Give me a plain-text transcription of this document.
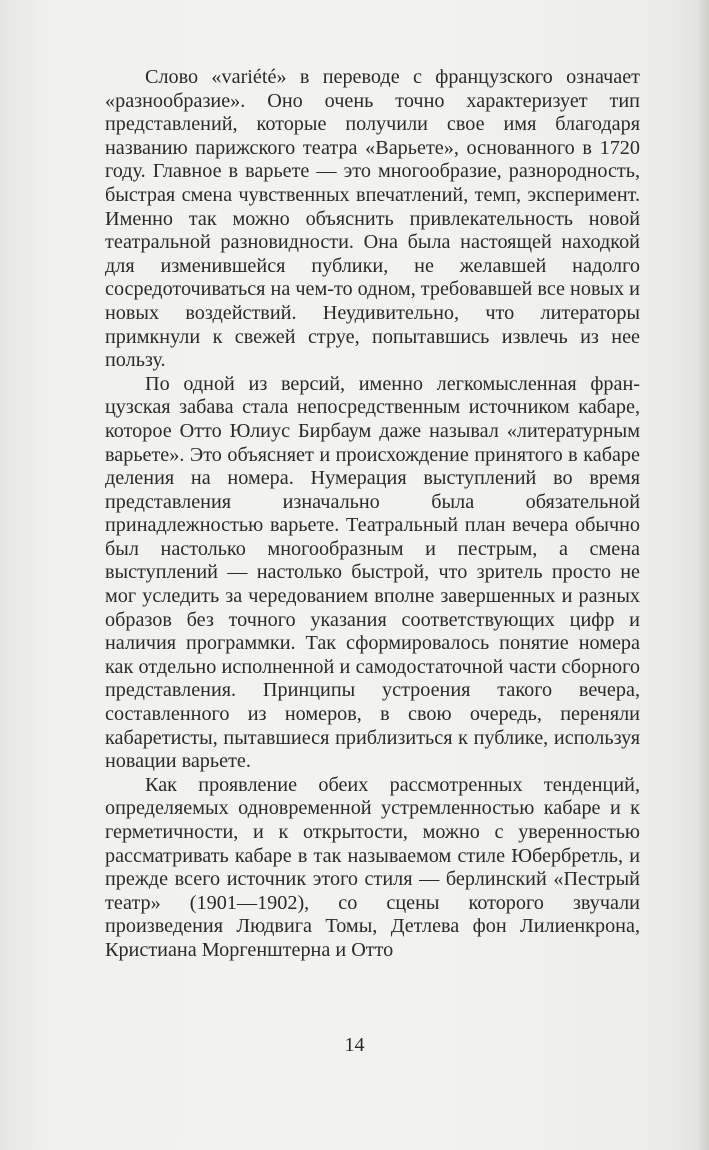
Слово «variété» в переводе с французского означает «разнообразие». Оно очень точно характеризует тип представлений, которые получили свое имя благодаря названию парижского театра «Варьете», основанного в 1720 году. Главное в варьете — это многообразие, разнородность, быстрая смена чувственных впечатлений, темп, эксперимент. Именно так можно объяснить привлекательность новой театральной разновидности. Она была настоящей находкой для изменившейся публики, не желавшей надолго сосредоточиваться на чем-то одном, требовавшей все новых и новых воздействий. Неудивительно, что литераторы примкнули к свежей струе, попытавшись извлечь из нее пользу.

По одной из версий, именно легкомысленная французская забава стала непосредственным источником кабаре, которое Отто Юлиус Бирбаум даже называл «литературным варьете». Это объясняет и происхождение принятого в кабаре деления на номера. Нумерация выступлений во время представления изначально была обязательной принадлежностью варьете. Театральный план вечера обычно был настолько многообразным и пестрым, а смена выступлений — настолько быстрой, что зритель просто не мог уследить за чередованием вполне завершенных и разных образов без точного указания соответствующих цифр и наличия программки. Так сформировалось понятие номера как отдельно исполненной и самодостаточной части сборного представления. Принципы устроения такого вечера, составленного из номеров, в свою очередь, переняли кабаретисты, пытавшиеся приблизиться к публике, используя новации варьете.

Как проявление обеих рассмотренных тенденций, определяемых одновременной устремленностью кабаре и к герметичности, и к открытости, можно с уверенностью рассматривать кабаре в так называемом стиле Юбербретль, и прежде всего источник этого стиля — берлинский «Пестрый театр» (1901—1902), со сцены которого звучали произведения Людвига Томы, Детлева фон Лилиенкрона, Кристиана Моргенштерна и Отто

14
